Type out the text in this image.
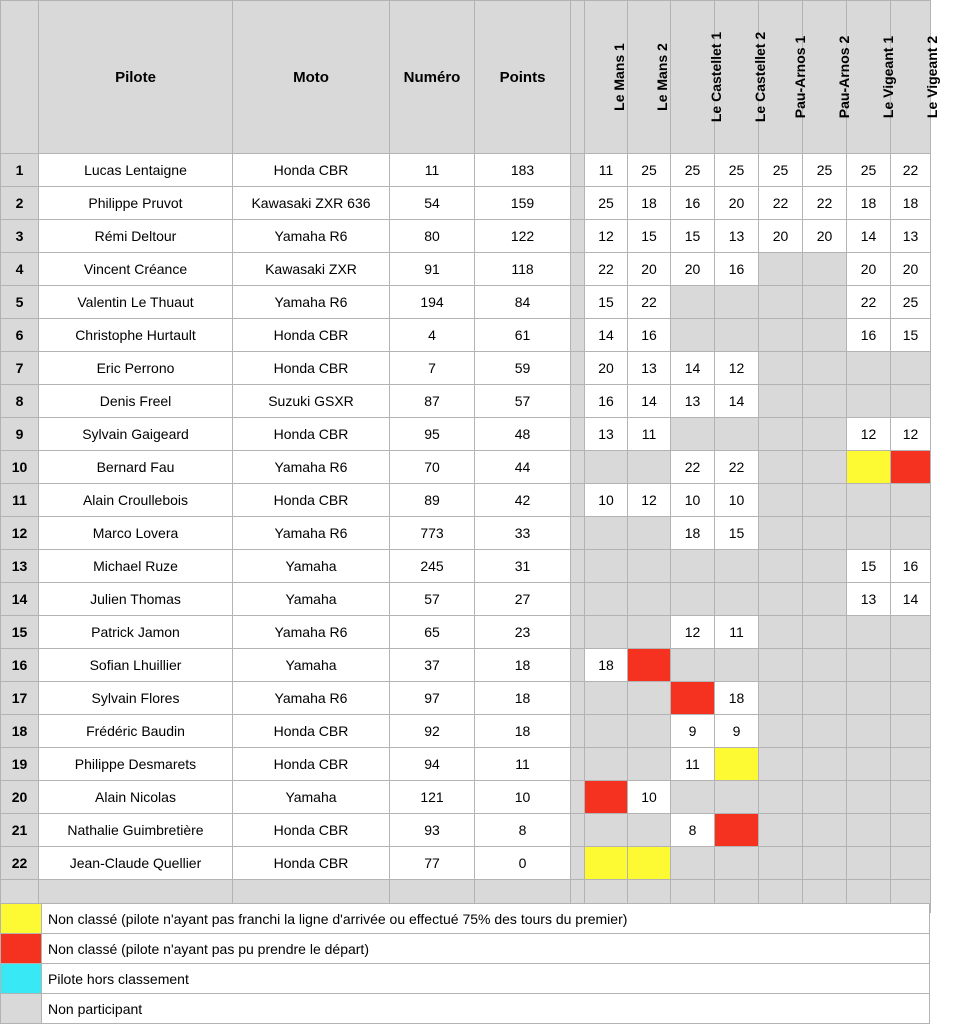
	Pilote	Moto	Numéro	Points		Le Mans 1	Le Mans 2	Le Castellet 1	Le Castellet 2	Pau-Arnos 1	Pau-Arnos 2	Le Vigeant 1	Le Vigeant 2
1	Lucas Lentaigne	Honda CBR	11	183		11	25	25	25	25	25	25	22
2	Philippe Pruvot	Kawasaki ZXR 636	54	159		25	18	16	20	22	22	18	18
3	Rémi Deltour	Yamaha R6	80	122		12	15	15	13	20	20	14	13
4	Vincent Créance	Kawasaki ZXR	91	118		22	20	20	16			20	20
5	Valentin Le Thuaut	Yamaha R6	194	84		15	22					22	25
6	Christophe Hurtault	Honda CBR	4	61		14	16					16	15
7	Eric Perrono	Honda CBR	7	59		20	13	14	12				
8	Denis Freel	Suzuki GSXR	87	57		16	14	13	14				
9	Sylvain Gaigeard	Honda CBR	95	48		13	11					12	12
10	Bernard Fau	Yamaha R6	70	44				22	22				
11	Alain Croullebois	Honda CBR	89	42		10	12	10	10				
12	Marco Lovera	Yamaha R6	773	33				18	15				
13	Michael Ruze	Yamaha	245	31								15	16
14	Julien Thomas	Yamaha	57	27								13	14
15	Patrick Jamon	Yamaha R6	65	23				12	11				
16	Sofian Lhuillier	Yamaha	37	18		18							
17	Sylvain Flores	Yamaha R6	97	18					18				
18	Frédéric Baudin	Honda CBR	92	18				9	9				
19	Philippe Desmarets	Honda CBR	94	11				11					
20	Alain Nicolas	Yamaha	121	10			10						
21	Nathalie Guimbretière	Honda CBR	93	8				8					
22	Jean-Claude Quellier	Honda CBR	77	0									

	Non classé (pilote n'ayant pas franchi la ligne d'arrivée ou effectué 75% des tours du premier)
	Non classé (pilote n'ayant pas pu prendre le départ)
	Pilote hors classement
	Non participant
